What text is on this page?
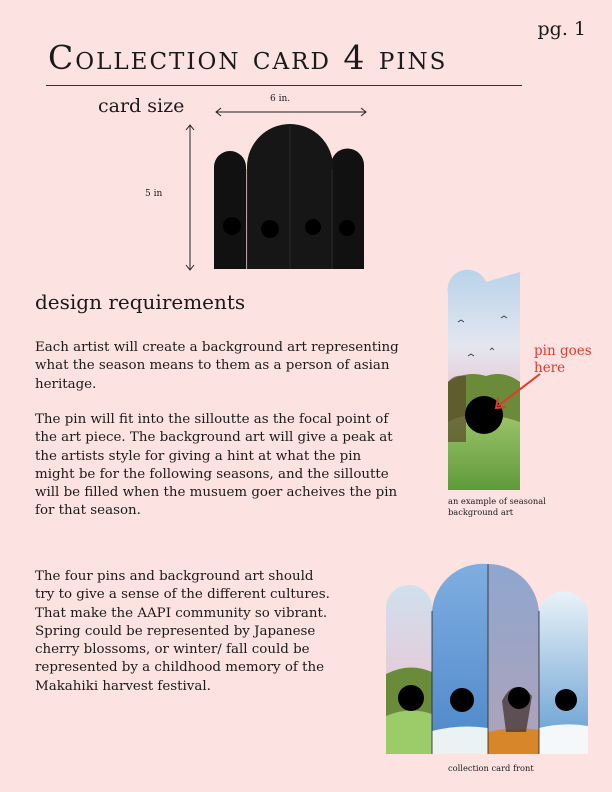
pg. 1
Collection card 4 pins
card size	6 in.
5 in
design requirements
Each artist will create a background art representing what the season means to them as a person of asian heritage.
The pin will fit into the silloutte as the focal point of the art piece. The background art will give a peak at the artists style for giving a hint at what the pin might be for the following seasons, and the silloutte will be filled when the musuem goer acheives the pin for that season.
The four pins and background art should try to give a sense of the different cultures. That make the AAPI community so vibrant. Spring could be represented by Japanese cherry blossoms, or winter/ fall could be represented by a childhood memory of the Makahiki harvest festival.
pin goes here
an example of seasonal background art
collection card front
